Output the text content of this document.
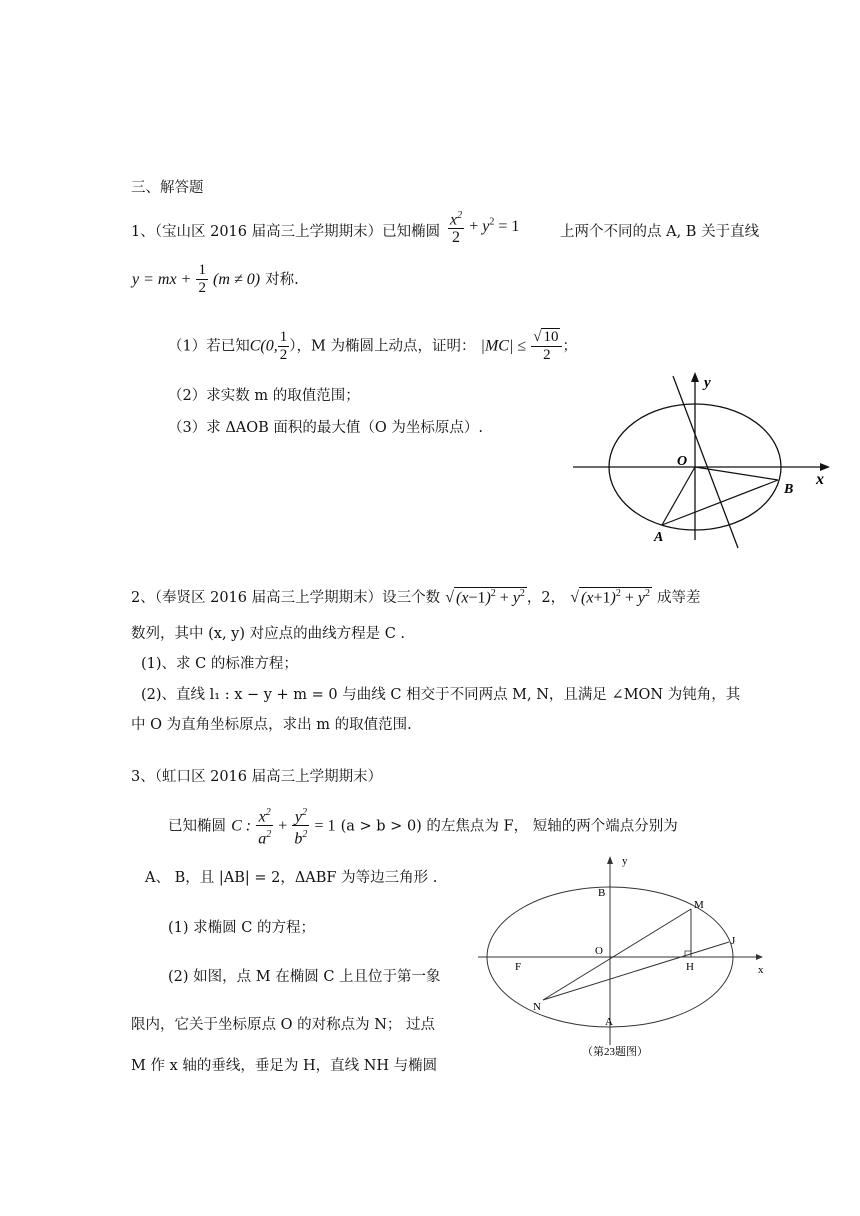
三、解答题
1、（宝山区 2016 届高三上学期期末）已知椭圆 $\frac{x^2}{2} + y^2 = 1$	上两个不同的点 A, B 关于直线
y = mx + $\frac{1}{2} (m \ne 0)$ 对称.
（1）若已知C(0, $\frac{1}{2}$ ），M 为椭圆上动点，证明： $|MC| \le \frac{√ 10}{2}$ ；
（2）求实数 m 的取值范围；
（3）求 ΔAOB 面积的最大值（O 为坐标原点）.
y
x
O
A
B
2、（奉贤区 2016 届高三上学期期末）设三个数 √ $(x-1)^2 + y^2$ ，2， √ $(x+1)^2 + y^2$ 成等差
数列，其中 (x, y) 对应点的曲线方程是 C .
(1)、求 C 的标准方程；
(2)、直线 l₁ : x − y + m = 0 与曲线 C 相交于不同两点 M, N，且满足 ∠MON 为钝角，其
中 O 为直角坐标原点，求出 m 的取值范围.
3、（虹口区 2016 届高三上学期期末）
已知椭圆 C : $\frac{x^2}{a^2} + \frac{y^2}{b^2} = 1$ (a > b > 0) 的左焦点为 F， 短轴的两个端点分别为
A、 B，且 |AB| = 2，ΔABF 为等边三角形 .
(1) 求椭圆 C 的方程；
(2) 如图，点 M 在椭圆 C 上且位于第一象
限内，它关于坐标原点 O 的对称点为 N； 过点
M 作 x 轴的垂线，垂足为 H，直线 NH 与椭圆
y
x
O
B
A
M
N
F	H
J
（第23题图）
